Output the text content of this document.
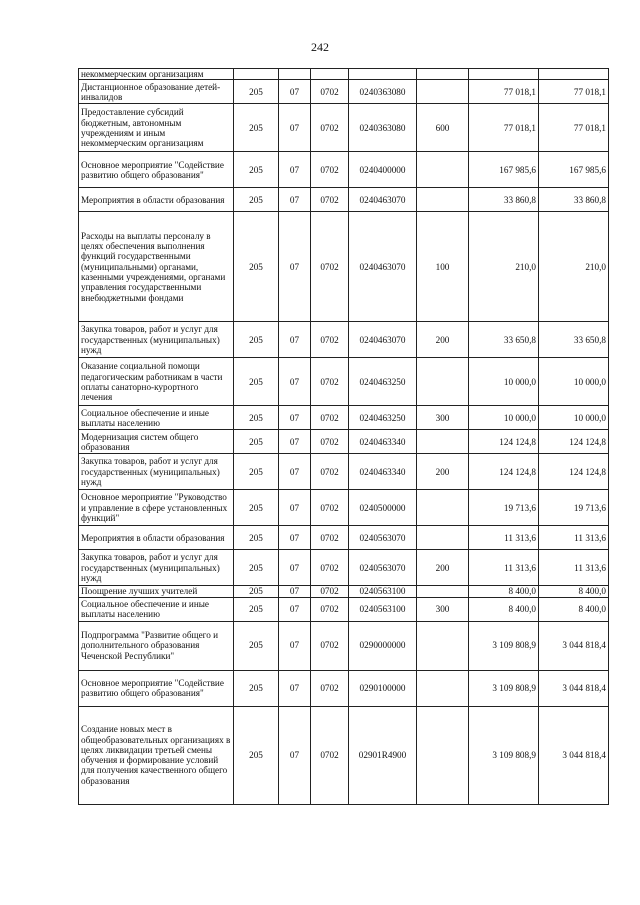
242
некоммерческим организациям							
Дистанционное образование детей-инвалидов	205	07	0702	0240363080		77 018,1	77 018,1
Предоставление субсидий бюджетным, автономным учреждениям и иным некоммерческим организациям	205	07	0702	0240363080	600	77 018,1	77 018,1
Основное мероприятие "Содействие развитию общего образования"	205	07	0702	0240400000		167 985,6	167 985,6
Мероприятия в области образования	205	07	0702	0240463070		33 860,8	33 860,8
Расходы на выплаты персоналу в целях обеспечения выполнения функций государственными (муниципальными) органами, казенными учреждениями, органами управления государственными внебюджетными фондами	205	07	0702	0240463070	100	210,0	210,0
Закупка товаров, работ и услуг для государственных (муниципальных) нужд	205	07	0702	0240463070	200	33 650,8	33 650,8
Оказание социальной помощи педагогическим работникам в части оплаты санаторно-курортного лечения	205	07	0702	0240463250		10 000,0	10 000,0
Социальное обеспечение и иные выплаты населению	205	07	0702	0240463250	300	10 000,0	10 000,0
Модернизация систем общего образования	205	07	0702	0240463340		124 124,8	124 124,8
Закупка товаров, работ и услуг для государственных (муниципальных) нужд	205	07	0702	0240463340	200	124 124,8	124 124,8
Основное мероприятие "Руководство и управление в сфере установленных функций"	205	07	0702	0240500000		19 713,6	19 713,6
Мероприятия в области образования	205	07	0702	0240563070		11 313,6	11 313,6
Закупка товаров, работ и услуг для государственных (муниципальных) нужд	205	07	0702	0240563070	200	11 313,6	11 313,6
Поощрение лучших учителей	205	07	0702	0240563100		8 400,0	8 400,0
Социальное обеспечение и иные выплаты населению	205	07	0702	0240563100	300	8 400,0	8 400,0
Подпрограмма "Развитие общего и дополнительного образования Чеченской Республики"	205	07	0702	0290000000		3 109 808,9	3 044 818,4
Основное мероприятие "Содействие развитию общего образования"	205	07	0702	0290100000		3 109 808,9	3 044 818,4
Создание новых мест в общеобразовательных организациях в целях ликвидации третьей смены обучения и формирование условий для получения качественного общего образования	205	07	0702	02901R4900		3 109 808,9	3 044 818,4
